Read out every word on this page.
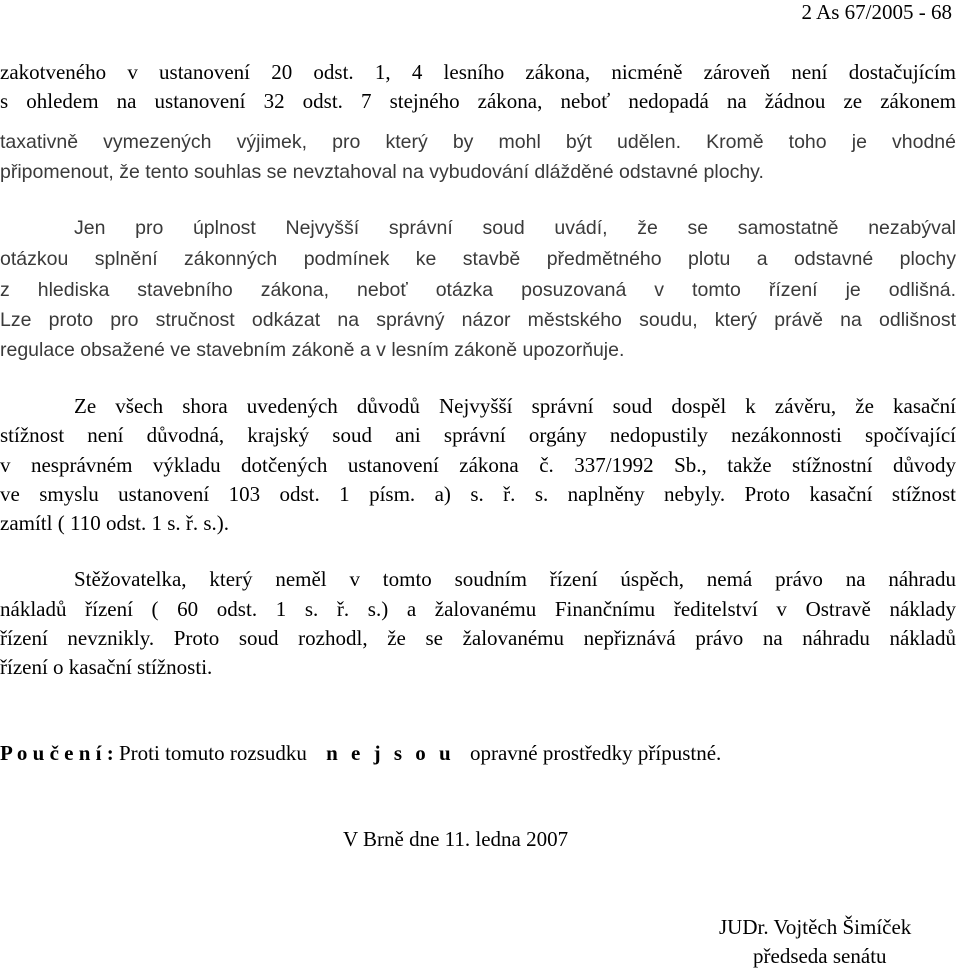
2 As 67/2005 - 68
zakotveného v ustanovení 20 odst. 1, 4 lesního zákona, nicméně zároveň není dostačujícím
s ohledem na ustanovení 32 odst. 7 stejného zákona, neboť nedopadá na žádnou ze zákonem
taxativně vymezených výjimek, pro který by mohl být udělen. Kromě toho je vhodné
připomenout, že tento souhlas se nevztahoval na vybudování dlážděné odstavné plochy.
Jen pro úplnost Nejvyšší správní soud uvádí, že se samostatně nezabýval
otázkou splnění zákonných podmínek ke stavbě předmětného plotu a odstavné plochy
z hlediska stavebního zákona, neboť otázka posuzovaná v tomto řízení je odlišná.
Lze proto pro stručnost odkázat na správný názor městského soudu, který právě na odlišnost
regulace obsažené ve stavebním zákoně a v lesním zákoně upozorňuje.
Ze všech shora uvedených důvodů Nejvyšší správní soud dospěl k závěru, že kasační
stížnost není důvodná, krajský soud ani správní orgány nedopustily nezákonnosti spočívající
v nesprávném výkladu dotčených ustanovení zákona č. 337/1992 Sb., takže stížnostní důvody
ve smyslu ustanovení 103 odst. 1 písm. a) s. ř. s. naplněny nebyly. Proto kasační stížnost
zamítl ( 110 odst. 1 s. ř. s.).
Stěžovatelka, který neměl v tomto soudním řízení úspěch, nemá právo na náhradu
nákladů řízení ( 60 odst. 1 s. ř. s.) a žalovanému Finančnímu ředitelství v Ostravě náklady
řízení nevznikly. Proto soud rozhodl, že se žalovanému nepřiznává právo na náhradu nákladů
řízení o kasační stížnosti.
P o u č e n í : Proti tomuto rozsudku n e j s o u opravné prostředky přípustné.
V Brně dne 11. ledna 2007
JUDr. Vojtěch Šimíček
předseda senátu
